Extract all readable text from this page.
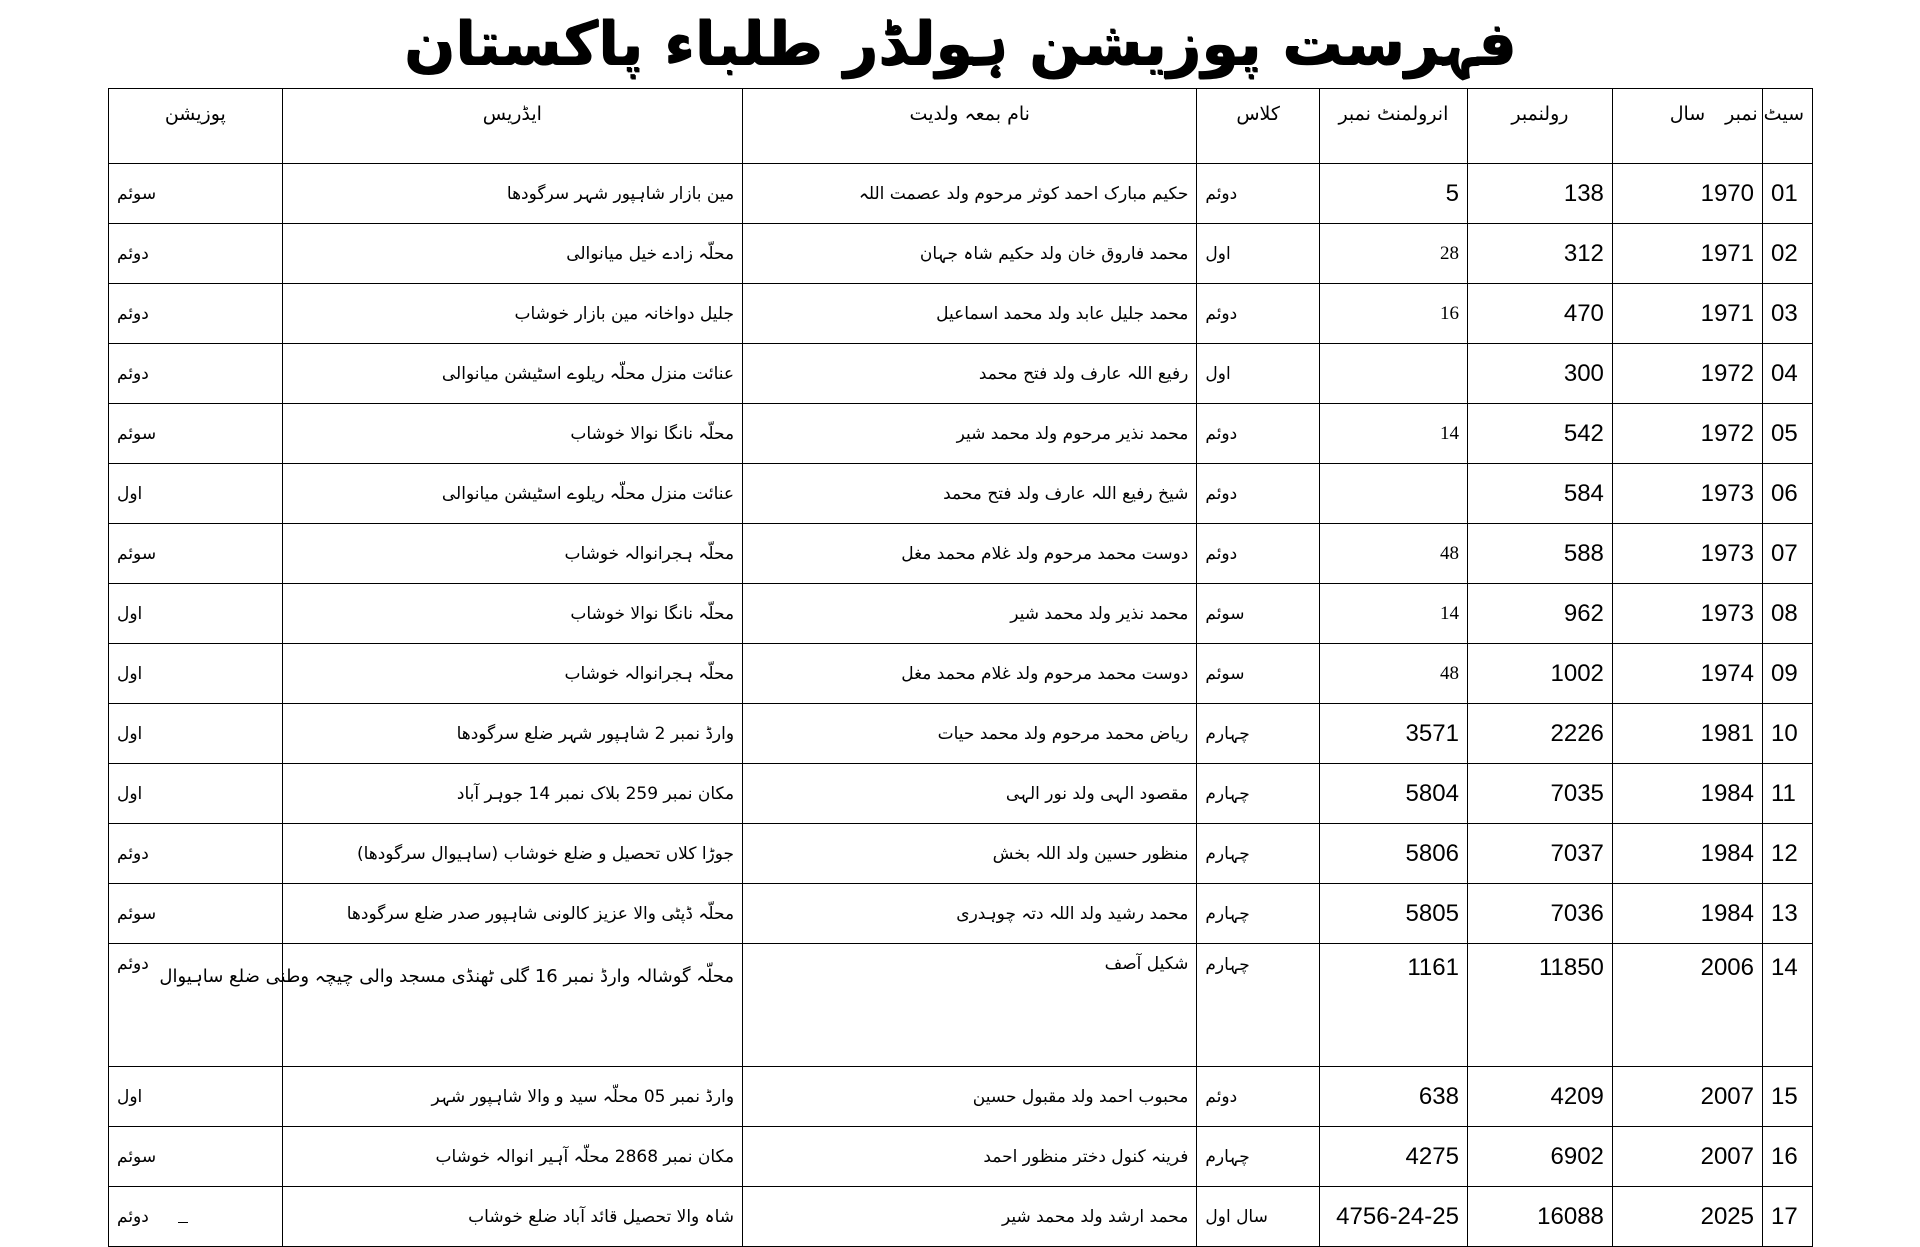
فہرست پوزیشن ہولڈر طلباء پاکستان
سیٹ نمبر	سال	رولنمبر	انرولمنٹ نمبر	کلاس	نام بمعہ ولدیت	ایڈریس	پوزیشن
01	1970	138	5	دوئم	حکیم مبارک احمد کوثر مرحوم ولد عصمت اللہ	مین بازار شاہپور شہر سرگودھا	سوئم
02	1971	312	28	اول	محمد فاروق خان ولد حکیم شاہ جہان	محلّہ زادے خیل میانوالی	دوئم
03	1971	470	16	دوئم	محمد جلیل عابد ولد محمد اسماعیل	جلیل دواخانہ مین بازار خوشاب	دوئم
04	1972	300		اول	رفیع اللہ عارف ولد فتح محمد	عنائت منزل محلّہ ریلوے اسٹیشن میانوالی	دوئم
05	1972	542	14	دوئم	محمد نذیر مرحوم ولد محمد شیر	محلّہ نانگا نوالا خوشاب	سوئم
06	1973	584		دوئم	شیخ رفیع اللہ عارف ولد فتح محمد	عنائت منزل محلّہ ریلوے اسٹیشن میانوالی	اول
07	1973	588	48	دوئم	دوست محمد مرحوم ولد غلام محمد مغل	محلّہ ہجرانوالہ خوشاب	سوئم
08	1973	962	14	سوئم	محمد نذیر ولد محمد شیر	محلّہ نانگا نوالا خوشاب	اول
09	1974	1002	48	سوئم	دوست محمد مرحوم ولد غلام محمد مغل	محلّہ ہجرانوالہ خوشاب	اول
10	1981	2226	3571	چہارم	ریاض محمد مرحوم ولد محمد حیات	وارڈ نمبر 2 شاہپور شہر ضلع سرگودھا	اول
11	1984	7035	5804	چہارم	مقصود الہی ولد نور الہی	مکان نمبر 259 بلاک نمبر 14 جوہر آباد	اول
12	1984	7037	5806	چہارم	منظور حسین ولد اللہ بخش	جوڑا کلاں تحصیل و ضلع خوشاب (ساہیوال سرگودھا)	دوئم
13	1984	7036	5805	چہارم	محمد رشید ولد اللہ دتہ چوہدری	محلّہ ڈپٹی والا عزیز کالونی شاہپور صدر ضلع سرگودھا	سوئم
14	2006	11850	1161	چہارم	شکیل آصف	محلّہ گوشالہ وارڈ نمبر 16 گلی ٹھنڈی مسجد والی چیچہ وطنی ضلع ساہیوال	دوئم
15	2007	4209	638	دوئم	محبوب احمد ولد مقبول حسین	وارڈ نمبر 05 محلّہ سید و والا شاہپور شہر	اول
16	2007	6902	4275	چہارم	فرینہ کنول دختر منظور احمد	مکان نمبر 2868 محلّہ آہیر انوالہ خوشاب	سوئم
17	2025	16088	4756-24-25	سال اول	محمد ارشد ولد محمد شیر	شاہ والا تحصیل قائد آباد ضلع خوشاب	دوئم
